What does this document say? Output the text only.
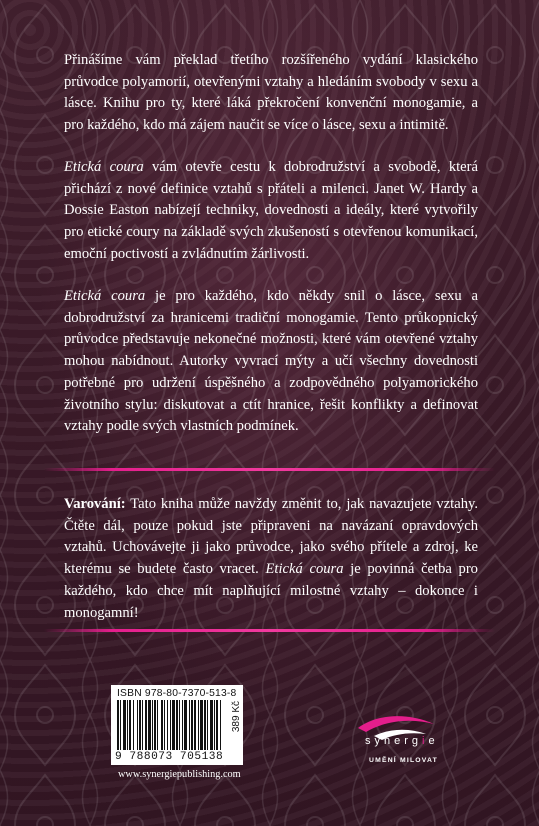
Přinášíme vám překlad třetího rozšířeného vydání klasického průvodce polyamorií, otevřenými vztahy a hledáním svobody v sexu a lásce. Knihu pro ty, které láká překročení konvenční monogamie, a pro každého, kdo má zájem naučit se více o lásce, sexu a intimitě.

Etická coura vám otevře cestu k dobrodružství a svobodě, která přichází z nové definice vztahů s přáteli a milenci. Janet W. Hardy a Dossie Easton nabízejí techniky, dovednosti a ideály, které vytvořily pro etické coury na základě svých zkušeností s otevřenou komunikací, emoční poctivostí a zvládnutím žárlivosti.

Etická coura je pro každého, kdo někdy snil o lásce, sexu a dobrodružství za hranicemi tradiční monogamie. Tento průkopnický průvodce představuje nekonečné možnosti, které vám otevřené vztahy mohou nabídnout. Autorky vyvrací mýty a učí všechny dovednosti potřebné pro udržení úspěšného a zodpovědného polyamorického životního stylu: diskutovat a ctít hranice, řešit konflikty a definovat vztahy podle svých vlastních podmínek.

Varování: Tato kniha může navždy změnit to, jak navazujete vztahy. Čtěte dál, pouze pokud jste připraveni na navázaní opravdových vztahů. Uchovávejte ji jako průvodce, jako svého přítele a zdroj, ke kterému se budete často vracet. Etická coura je povinná četba pro každého, kdo chce mít naplňující milostné vztahy – dokonce i monogamní!

ISBN 978-80-7370-513-8
9 788073 705138
389 Kč
www.synergiepublishing.com
synergie
UMĚNÍ MILOVAT
